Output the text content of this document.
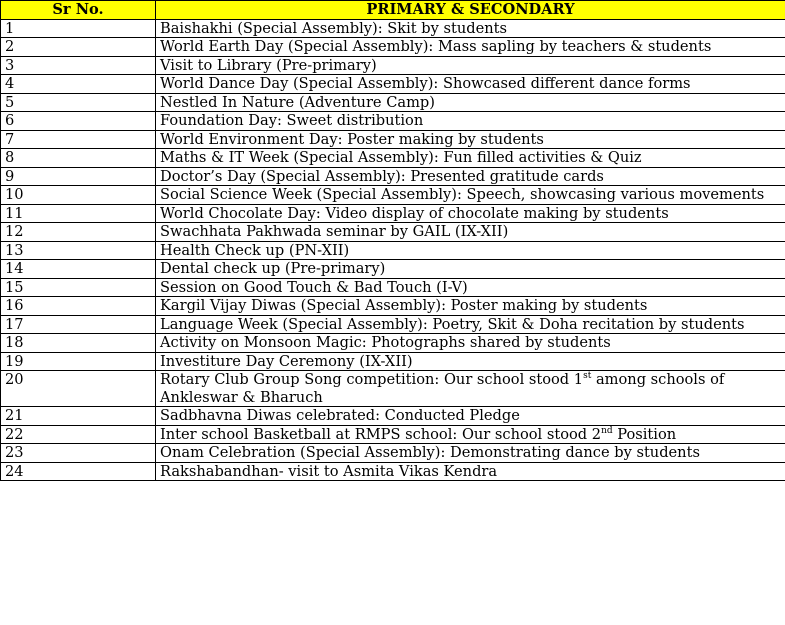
Sr No.	PRIMARY & SECONDARY
1	Baishakhi (Special Assembly): Skit by students
2	World Earth Day (Special Assembly): Mass sapling by teachers & students
3	Visit to Library (Pre-primary)
4	World Dance Day (Special Assembly): Showcased different dance forms
5	Nestled In Nature (Adventure Camp)
6	Foundation Day: Sweet distribution
7	World Environment Day: Poster making by students
8	Maths & IT Week (Special Assembly): Fun filled activities & Quiz
9	Doctor’s Day (Special Assembly): Presented gratitude cards
10	Social Science Week (Special Assembly): Speech, showcasing various movements
11	World Chocolate Day: Video display of chocolate making by students
12	Swachhata Pakhwada seminar by GAIL (IX-XII)
13	Health Check up (PN-XII)
14	Dental check up (Pre-primary)
15	Session on Good Touch & Bad Touch (I-V)
16	Kargil Vijay Diwas (Special Assembly): Poster making by students
17	Language Week (Special Assembly): Poetry, Skit & Doha recitation by students
18	Activity on Monsoon Magic: Photographs shared by students
19	Investiture Day Ceremony (IX-XII)
20	Rotary Club Group Song competition: Our school stood 1st among schools of Ankleswar & Bharuch
21	Sadbhavna Diwas celebrated: Conducted Pledge
22	Inter school Basketball at RMPS school: Our school stood 2nd Position
23	Onam Celebration (Special Assembly): Demonstrating dance by students
24	Rakshabandhan- visit to Asmita Vikas Kendra
